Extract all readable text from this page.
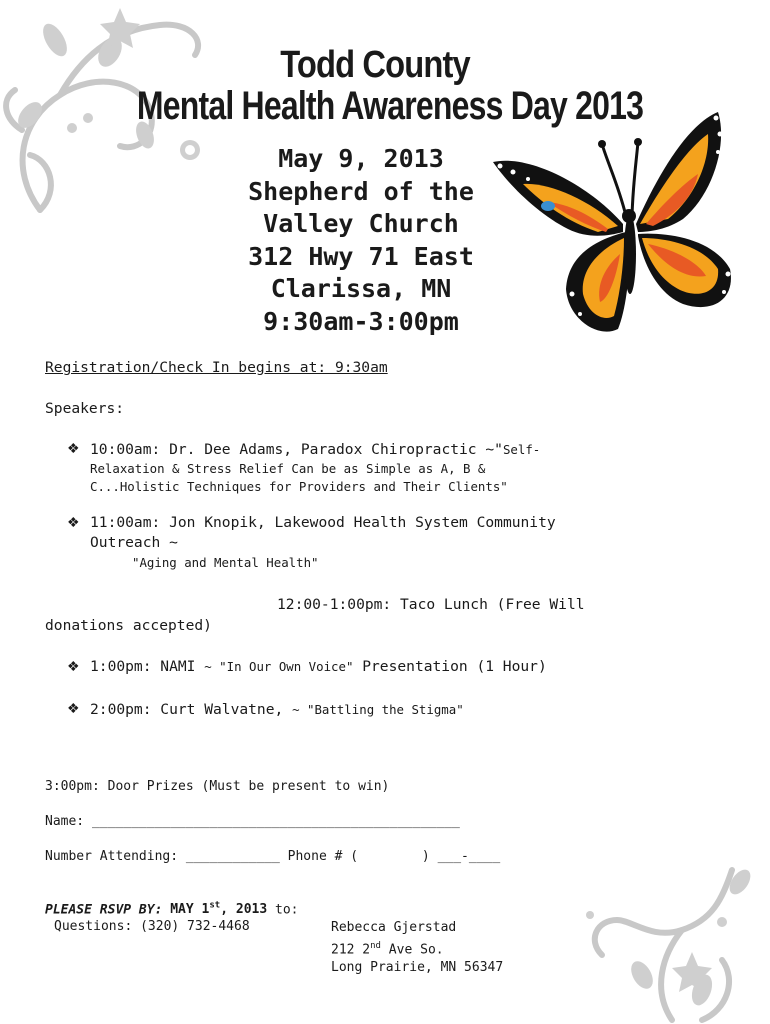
Todd County
Mental Health Awareness Day 2013
May 9, 2013
Shepherd of the
Valley Church
312 Hwy 71 East
Clarissa, MN
9:30am-3:00pm
Registration/Check In begins at: 9:30am
Speakers:
❖ 10:00am: Dr. Dee Adams, Paradox Chiropractic ~"Self-
Relaxation & Stress Relief Can be as Simple as A, B &
C...Holistic Techniques for Providers and Their Clients"
❖ 11:00am: Jon Knopik, Lakewood Health System Community
Outreach ~
"Aging and Mental Health"
12:00-1:00pm: Taco Lunch (Free Will
donations accepted)
❖ 1:00pm: NAMI ~ "In Our Own Voice" Presentation (1 Hour)
❖ 2:00pm: Curt Walvatne, ~ "Battling the Stigma"
3:00pm: Door Prizes (Must be present to win)
Name: _______________________________________________
Number Attending: ____________ Phone # (	) ___-____
PLEASE RSVP BY: MAY 1st, 2013 to:
Questions: (320) 732-4468	Rebecca Gjerstad
212 2nd Ave So.
Long Prairie, MN 56347
